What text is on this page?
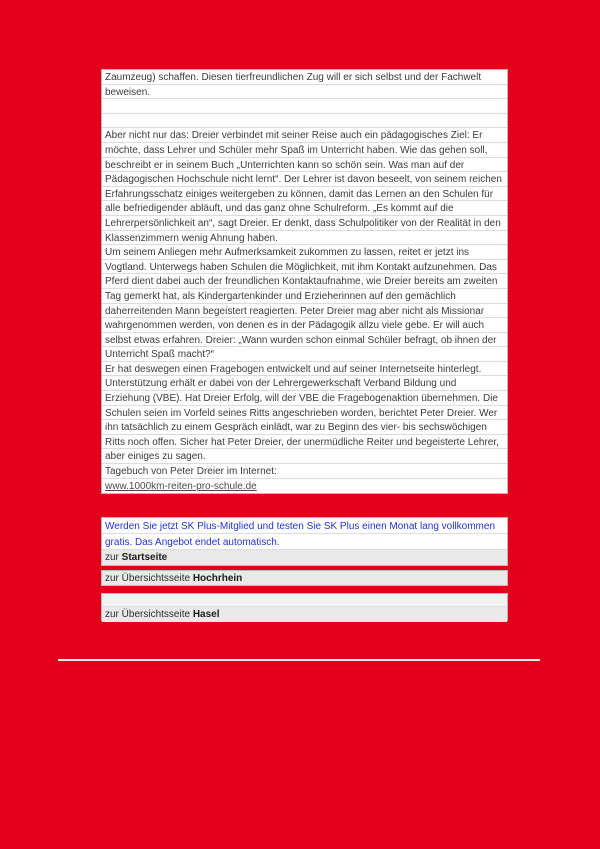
Zaumzeug) schaffen. Diesen tierfreundlichen Zug will er sich selbst und der Fachwelt
beweisen.
Aber nicht nur das: Dreier verbindet mit seiner Reise auch ein pädagogisches Ziel: Er
möchte, dass Lehrer und Schüler mehr Spaß im Unterricht haben. Wie das gehen soll,
beschreibt er in seinem Buch „Unterrichten kann so schön sein. Was man auf der
Pädagogischen Hochschule nicht lernt“. Der Lehrer ist davon beseelt, von seinem reichen
Erfahrungsschatz einiges weitergeben zu können, damit das Lernen an den Schulen für
alle befriedigender abläuft, und das ganz ohne Schulreform. „Es kommt auf die
Lehrerpersönlichkeit an“, sagt Dreier. Er denkt, dass Schulpolitiker von der Realität in den
Klassenzimmern wenig Ahnung haben.
Um seinem Anliegen mehr Aufmerksamkeit zukommen zu lassen, reitet er jetzt ins
Vogtland. Unterwegs haben Schulen die Möglichkeit, mit ihm Kontakt aufzunehmen. Das
Pferd dient dabei auch der freundlichen Kontaktaufnahme, wie Dreier bereits am zweiten
Tag gemerkt hat, als Kindergartenkinder und Erzieherinnen auf den gemächlich
daherreitenden Mann begeistert reagierten. Peter Dreier mag aber nicht als Missionar
wahrgenommen werden, von denen es in der Pädagogik allzu viele gebe. Er will auch
selbst etwas erfahren. Dreier: „Wann wurden schon einmal Schüler befragt, ob ihnen der
Unterricht Spaß macht?“
Er hat deswegen einen Fragebogen entwickelt und auf seiner Internetseite hinterlegt.
Unterstützung erhält er dabei von der Lehrergewerkschaft Verband Bildung und
Erziehung (VBE). Hat Dreier Erfolg, will der VBE die Fragebogenaktion übernehmen. Die
Schulen seien im Vorfeld seines Ritts angeschrieben worden, berichtet Peter Dreier. Wer
ihn tatsächlich zu einem Gespräch einlädt, war zu Beginn des vier- bis sechswöchigen
Ritts noch offen. Sicher hat Peter Dreier, der unermüdliche Reiter und begeisterte Lehrer,
aber einiges zu sagen.
Tagebuch von Peter Dreier im Internet:
www.1000km-reiten-pro-schule.de
Werden Sie jetzt SK Plus-Mitglied und testen Sie SK Plus einen Monat lang vollkommen
gratis. Das Angebot endet automatisch.
zur Startseite
zur Übersichtsseite Hochrhein
zur Übersichtsseite Hasel
